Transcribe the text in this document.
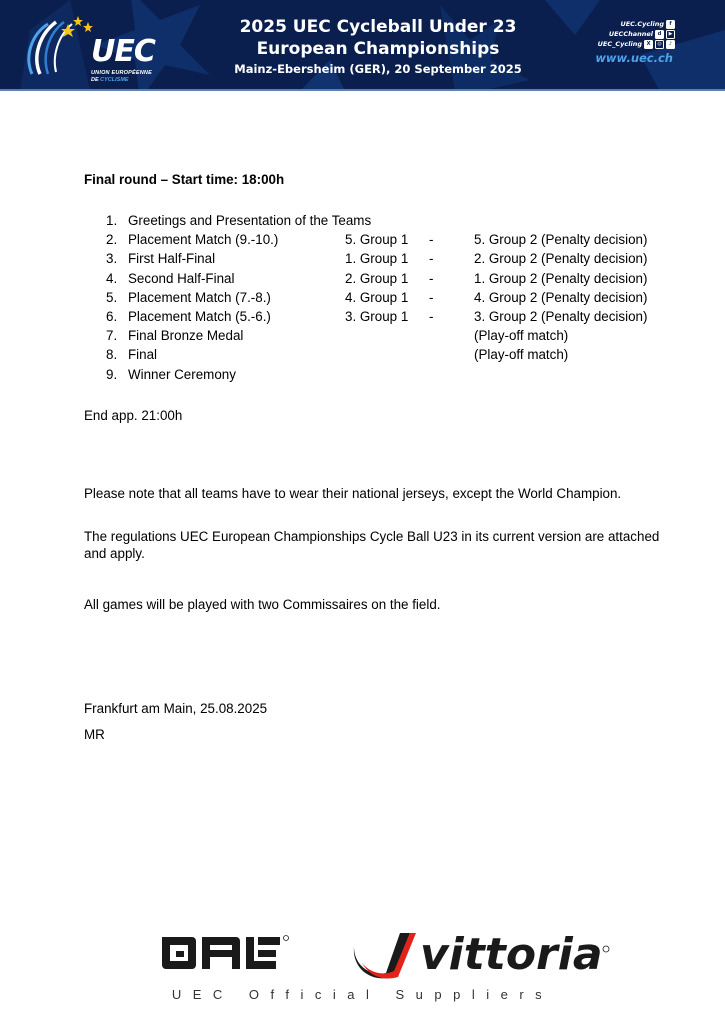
UEC
UNION EUROPÉENNE
DE CYCLISME
2025 UEC Cycleball Under 23
European Championships
Mainz-Ebersheim (GER), 20 September 2025
UEC.Cycling	f
UECChannel d	▶
UEC_Cycling X	◎	♪
www.uec.ch
Final round – Start time: 18:00h
1. Greetings and Presentation of the Teams
2. Placement Match (9.-10.)	5. Group 1 -	5. Group 2 (Penalty decision)
3. First Half-Final	1. Group 1 -	2. Group 2 (Penalty decision)
4. Second Half-Final	2. Group 1 -	1. Group 2 (Penalty decision)
5. Placement Match (7.-8.)	4. Group 1 -	4. Group 2 (Penalty decision)
6. Placement Match (5.-6.)	3. Group 1 -	3. Group 2 (Penalty decision)
7. Final Bronze Medal	(Play-off match)
8. Final	(Play-off match)
9. Winner Ceremony
End app. 21:00h
Please note that all teams have to wear their national jerseys, except the World Champion.
The regulations UEC European Championships Cycle Ball U23 in its current version are attached and apply.
All games will be played with two Commissaires on the field.
Frankfurt am Main, 25.08.2025
MR
vittoria
UEC Official Suppliers
